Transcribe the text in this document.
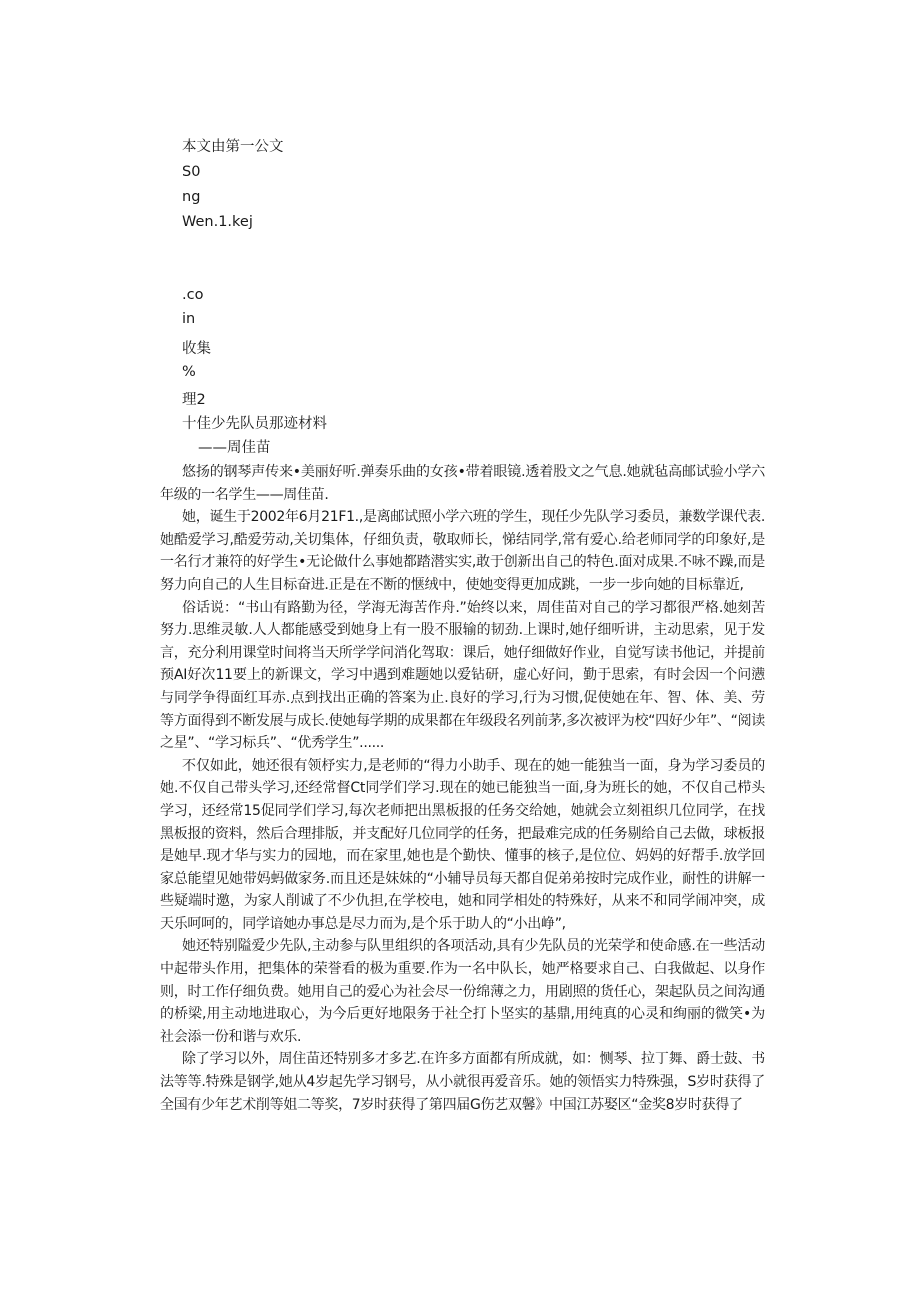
本文由第一公文
S0
ng
Wen.1.kej
.co
in
收集
%
理2
十佳少先队员那迹材料
——周佳苗

悠扬的钢琴声传来•美丽好听.弹奏乐曲的女孩•带着眼镜.透着股文之气息.她就毡高邮试验小学六年级的一名学生——周佳苗.

她，诞生于2002年6月21F1.,是离邮试照小学六班的学生，现任少先队学习委员，兼数学课代表.她酷爱学习,酷爱劳动,关切集体，仔细负责，敬取师长，悌结同学,常有爱心.给老师同学的印象好,是一名行才兼符的好学生•无论做什么事她都踏潜实实,敢于创新出自己的特色.面对成果.不咏不躁,而是努力向自己的人生目标奋进.正是在不断的惬绒中，使她变得更加成跳，一步一步向她的目标靠近,

俗话说：“书山有路勤为径，学海无海苦作舟.”始终以来，周佳苗对自己的学习都很严格.她刻苦努力.思维灵敏.人人都能感受到她身上有一股不服输的韧劲.上课时,她仔细听讲，主动思索，见于发言，充分利用课堂时间将当天所学学问消化驾取：课后，她仔细做好作业，自觉写读书他记，并提前预AI好次11要上的新课文，学习中遇到难题她以爱钻研，虚心好问，勤于思索，有时会因一个问懑与同学争得面红耳赤.点到找出正确的答案为止.良好的学习,行为习惯,促使她在年、智、体、美、劳等方面得到不断发展与成长.使她每学期的成果都在年级段名列前茅,多次被评为校“四好少年”、“阅读之星”、“学习标兵”、“优秀学生”......

不仅如此，她还很有领杼实力,是老师的“得力小助手、现在的她一能独当一面，身为学习委员的她.不仅自己带头学习,还经常督Ct同学们学习.现在的她已能独当一面,身为班长的她，不仅自己栉头学习，还经常15促同学们学习,每次老师把出黑板报的任务交给她，她就会立刻祖织几位同学，在找黑板报的资料，然后合理排版，并支配好几位同学的任务，把最难完成的任务剔给自己去做，球板报是她早.现才华与实力的园地，而在家里,她也是个勤快、懂事的核子,是位位、妈妈的好帮手.放学回家总能望见她带妈蚂做家务.而且还是妹妹的“小辅导员每天都自促弟弟按时完成作业，耐性的讲解一些疑端时邀，为家人削诚了不少仇担,在学校电，她和同学相处的特殊好，从来不和同学闹冲突，成天乐呵呵的，同学谙她办事总是尽力而为,是个乐于助人的“小出峥”,

她还特别隘爱少先队,主动参与队里组织的各项活动,具有少先队员的光荣学和使命感.在一些活动中起带头作用，把集体的荣誉看的极为重要.作为一名中队长，她严格要求自己、白我做起、以身作则，时工作仔细负费。她用自己的爱心为社会尽一份绵薄之力，用剧照的货任心，架起队员之间沟通的桥梁,用主动地进取心，为今后更好地限务于社仝打卜坚实的基鼎,用纯真的心灵和绚丽的微笑•为社会添一份和谐与欢乐.

除了学习以外，周住苗还特别多才多艺.在许多方面都有所成就，如：恻琴、拉丁舞、爵士鼓、书法等等.特殊是钢学,她从4岁起先学习钢号，从小就很再爱音乐。她的领悟实力特殊强，S岁时获得了全国有少年艺术削等姐二等奖，7岁时获得了第四届G伤艺双馨》中国江苏娶区“金奖8岁时获得了
